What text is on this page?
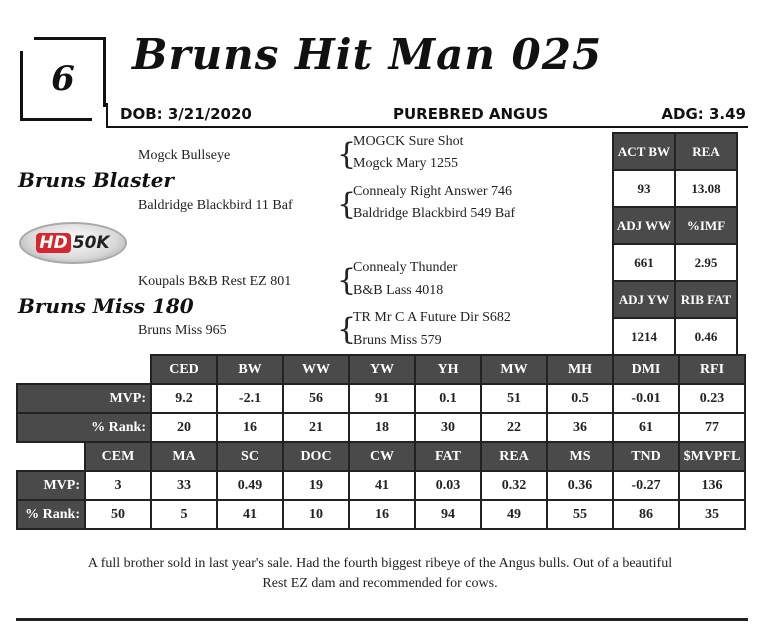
6	Bruns Hit Man 025
DOB: 3/21/2020	PUREBRED ANGUS	ADG: 3.49
Mogck Bullseye
Bruns Blaster
Baldridge Blackbird 11 Baf
HD 50K
Koupals B&B Rest EZ 801
Bruns Miss 180
Bruns Miss 965
{
MOGCK Sure Shot
Mogck Mary 1255
{
Connealy Right Answer 746
Baldridge Blackbird 549 Baf
{
Connealy Thunder
B&B Lass 4018
{
TR Mr C A Future Dir S682
Bruns Miss 579
ACT BW	REA
93	13.08
ADJ WW	%IMF
661	2.95
ADJ YW	RIB FAT
1214	0.46
		CED	BW	WW	YW	YH	MW	MH	DMI	RFI
MVP:		9.2	-2.1	56	91	0.1	51	0.5	-0.01	0.23
% Rank:		20	16	21	18	30	22	36	61	77
	CEM	MA	SC	DOC	CW	FAT	REA	MS	TND	$MVPFL
MVP:	3	33	0.49	19	41	0.03	0.32	0.36	-0.27	136
% Rank:	50	5	41	10	16	94	49	55	86	35
A full brother sold in last year's sale. Had the fourth biggest ribeye of the Angus bulls. Out of a beautiful
Rest EZ dam and recommended for cows.
